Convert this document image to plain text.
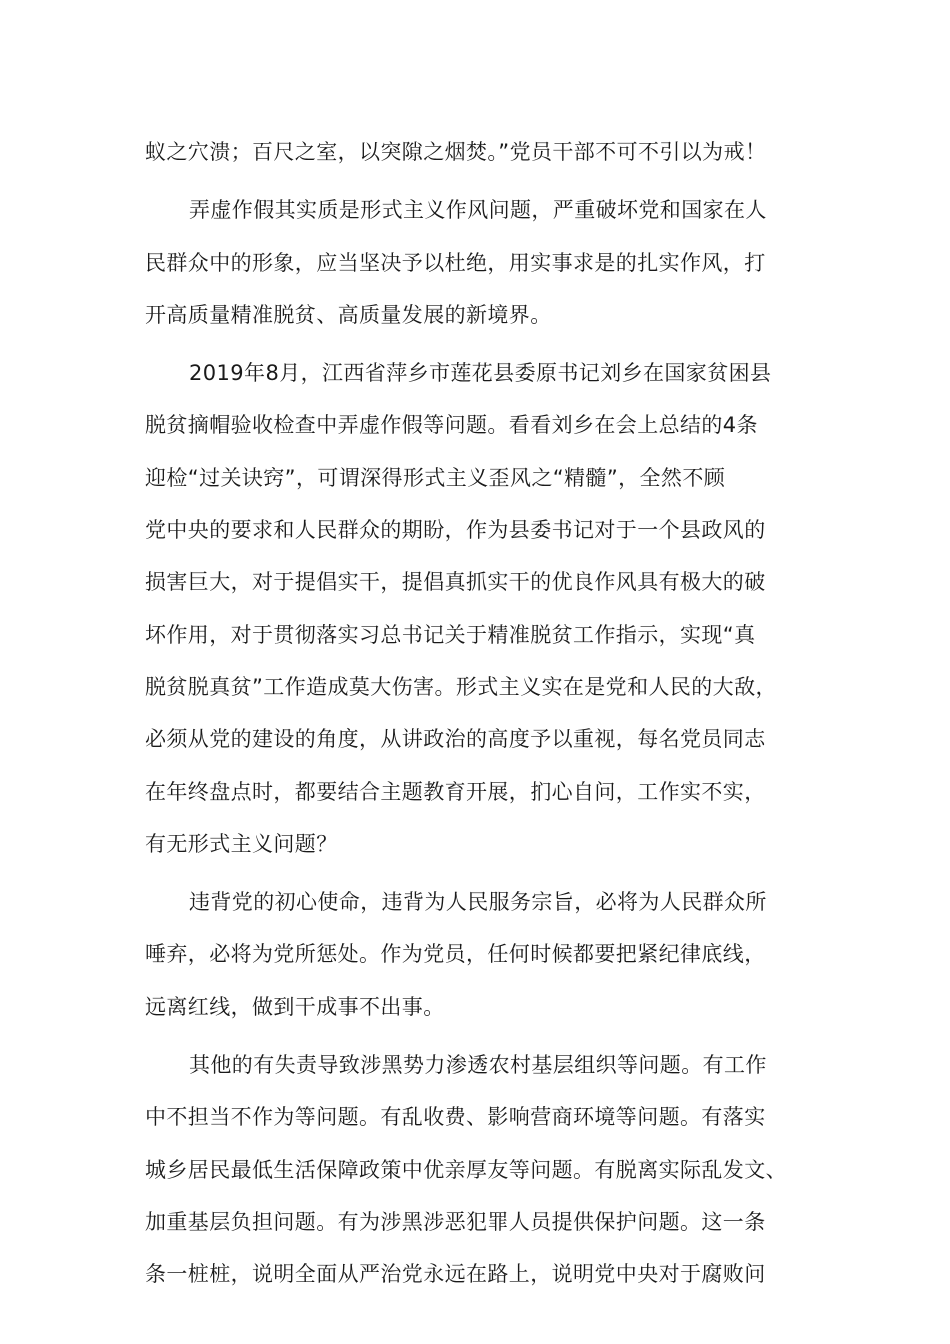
蚁之穴溃；百尺之室，以突隙之烟焚。”党员干部不可不引以为戒！
弄虚作假其实质是形式主义作风问题，严重破坏党和国家在人
民群众中的形象，应当坚决予以杜绝，用实事求是的扎实作风，打
开高质量精准脱贫、高质量发展的新境界。
2019年8月，江西省萍乡市莲花县委原书记刘乡在国家贫困县
脱贫摘帽验收检查中弄虚作假等问题。看看刘乡在会上总结的4条
迎检“过关诀窍”，可谓深得形式主义歪风之“精髓”，全然不顾
党中央的要求和人民群众的期盼，作为县委书记对于一个县政风的
损害巨大，对于提倡实干，提倡真抓实干的优良作风具有极大的破
坏作用，对于贯彻落实习总书记关于精准脱贫工作指示，实现“真
脱贫脱真贫”工作造成莫大伤害。形式主义实在是党和人民的大敌，
必须从党的建设的角度，从讲政治的高度予以重视，每名党员同志
在年终盘点时，都要结合主题教育开展，扪心自问，工作实不实，
有无形式主义问题？
违背党的初心使命，违背为人民服务宗旨，必将为人民群众所
唾弃，必将为党所惩处。作为党员，任何时候都要把紧纪律底线，
远离红线，做到干成事不出事。
其他的有失责导致涉黑势力渗透农村基层组织等问题。有工作
中不担当不作为等问题。有乱收费、影响营商环境等问题。有落实
城乡居民最低生活保障政策中优亲厚友等问题。有脱离实际乱发文、
加重基层负担问题。有为涉黑涉恶犯罪人员提供保护问题。这一条
条一桩桩，说明全面从严治党永远在路上，说明党中央对于腐败问
